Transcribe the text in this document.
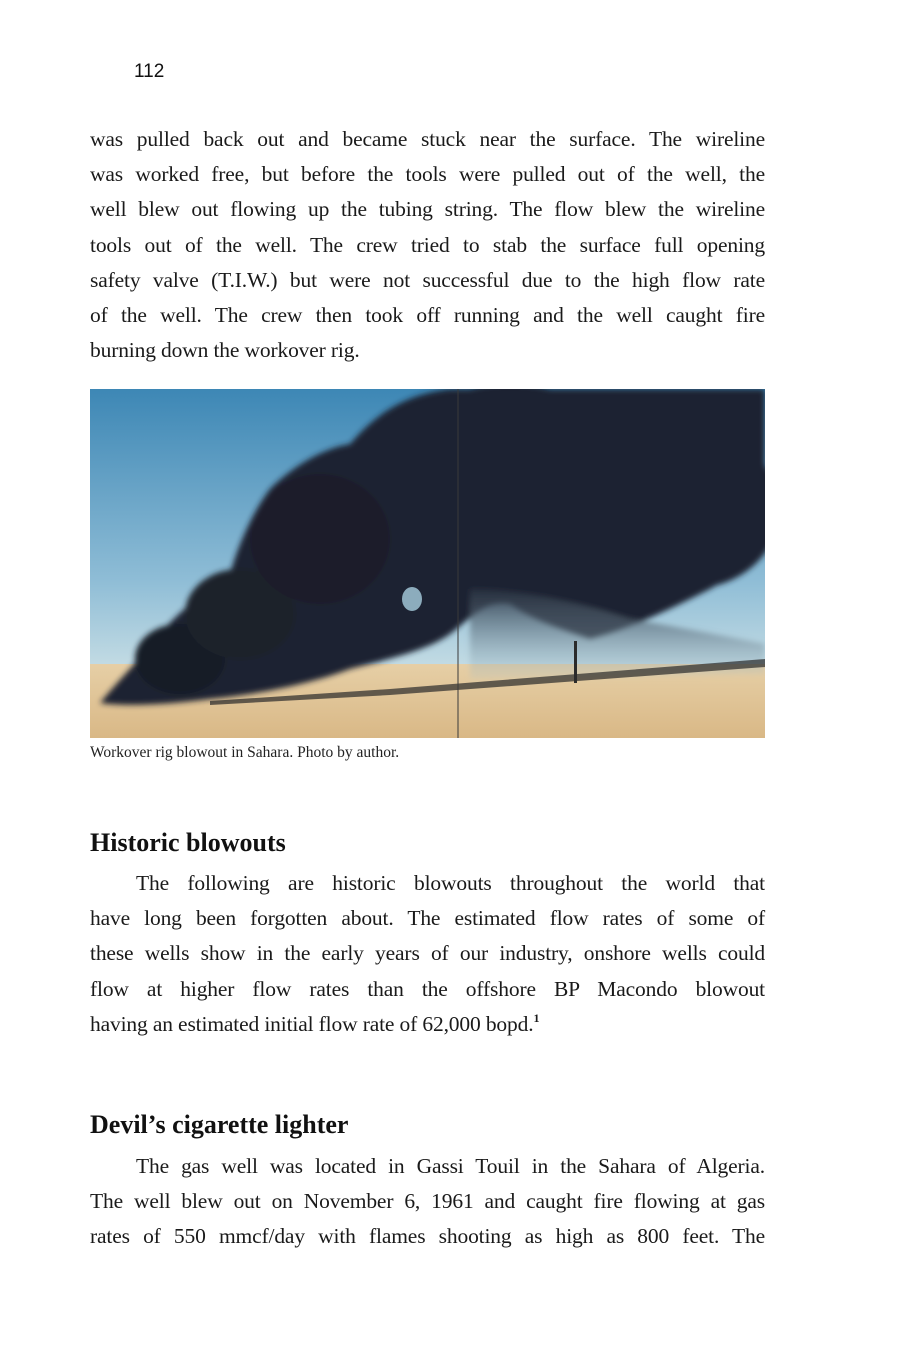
112

was pulled back out and became stuck near the surface. The wireline
was worked free, but before the tools were pulled out of the well, the
well blew out flowing up the tubing string. The flow blew the wireline
tools out of the well. The crew tried to stab the surface full opening
safety valve (T.I.W.) but were not successful due to the high flow rate
of the well. The crew then took off running and the well caught fire
burning down the workover rig.

Workover rig blowout in Sahara. Photo by author.
Historic blowouts

The following are historic blowouts throughout the world that
have long been forgotten about. The estimated flow rates of some of
these wells show in the early years of our industry, onshore wells could
flow at higher flow rates than the offshore BP Macondo blowout
having an estimated initial flow rate of 62,000 bopd.$^1$

Devil’s cigarette lighter

The gas well was located in Gassi Touil in the Sahara of Algeria.
The well blew out on November 6, 1961 and caught fire flowing at gas
rates of 550 mmcf/day with flames shooting as high as 800 feet. The
